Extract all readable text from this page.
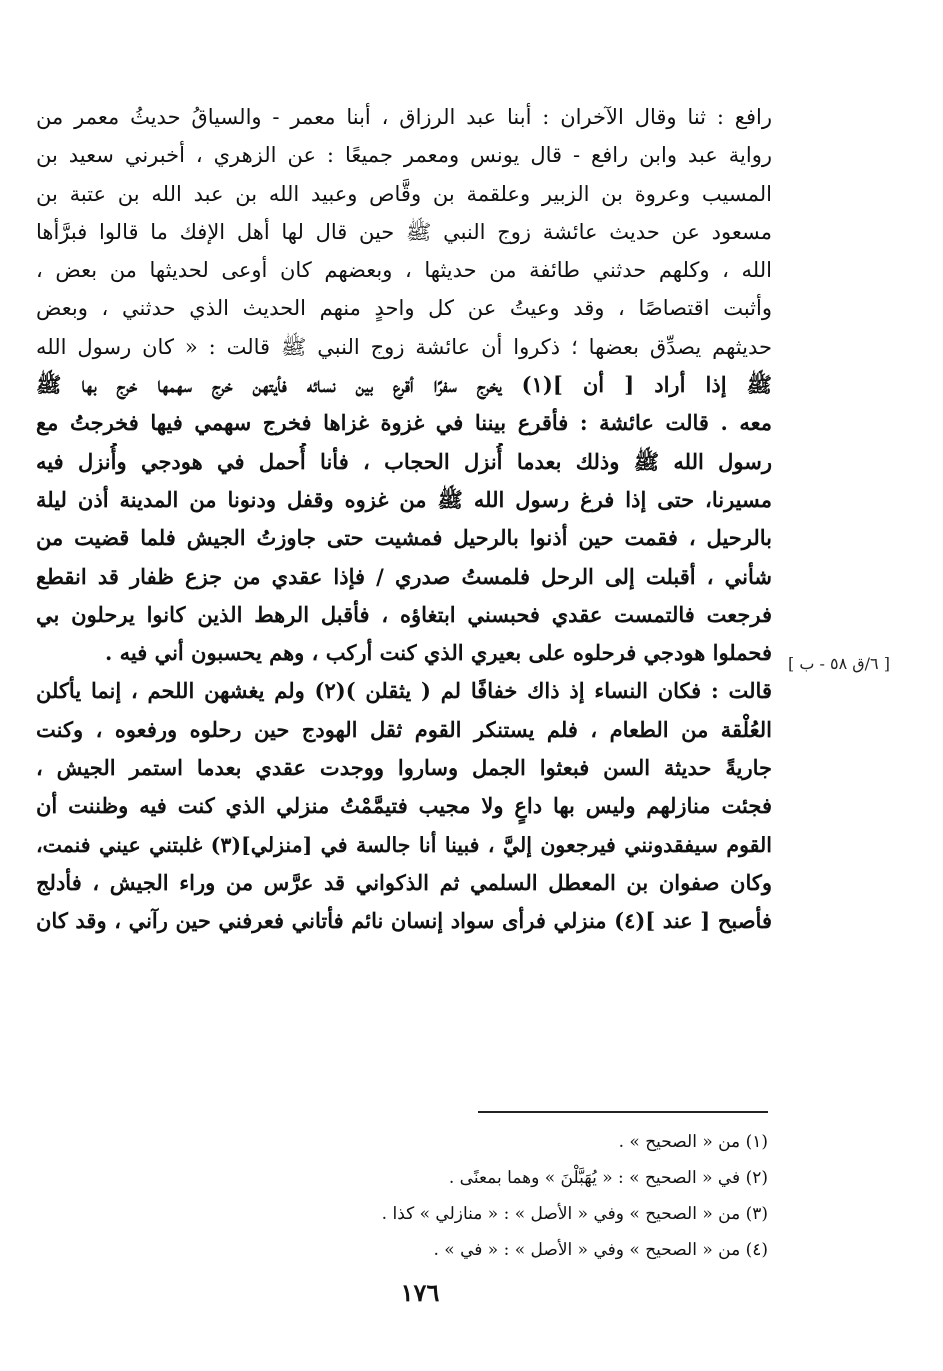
رافع : ثنا وقال الآخران : أبنا عبد الرزاق ، أبنا معمر - والسياقُ حديثُ معمر من
رواية عبد وابن رافع - قال يونس ومعمر جميعًا : عن الزهري ، أخبرني سعيد بن
المسيب وعروة بن الزبير وعلقمة بن وقَّاص وعبيد الله بن عبد الله بن عتبة بن
مسعود عن حديث عائشة زوج النبي ﷺ حين قال لها أهل الإفك ما قالوا فبرَّأها
الله ، وكلهم حدثني طائفة من حديثها ، وبعضهم كان أوعى لحديثها من بعض ،
وأثبت اقتصاصًا ، وقد وعيتُ عن كل واحدٍ منهم الحديث الذي حدثني ، وبعض
حديثهم يصدِّق بعضها ؛ ذكروا أن عائشة زوج النبي ﷺ قالت : « كان رسول الله
ﷺ إذا أراد [ أن ](١) يخرج سفرًا أقرع بين نسائه فأيتهن خرج سهمها خرج بها ﷺ
معه . قالت عائشة : فأقرع بيننا في غزوة غزاها فخرج سهمي فيها فخرجتُ مع
رسول الله ﷺ وذلك بعدما أُنزل الحجاب ، فأنا أُحمل في هودجي وأُنزل فيه
مسيرنا، حتى إذا فرغ رسول الله ﷺ من غزوه وقفل ودنونا من المدينة أذن ليلة
بالرحيل ، فقمت حين أذنوا بالرحيل فمشيت حتى جاوزتُ الجيش فلما قضيت من
شأني ، أقبلت إلى الرحل فلمستُ صدري / فإذا عقدي من جزع ظفار قد انقطع
فرجعت فالتمست عقدي فحبسني ابتغاؤه ، فأقبل الرهط الذين كانوا يرحلون بي
فحملوا هودجي فرحلوه على بعيري الذي كنت أركب ، وهم يحسبون أني فيه .
قالت : فكان النساء إذ ذاك خفافًا لم ( يثقلن )(٢) ولم يغشهن اللحم ، إنما يأكلن
العُلْقة من الطعام ، فلم يستنكر القوم ثقل الهودج حين رحلوه ورفعوه ، وكنت
جاريةً حديثة السن فبعثوا الجمل وساروا ووجدت عقدي بعدما استمر الجيش ،
فجئت منازلهم وليس بها داعٍ ولا مجيب فتيمَّمْتُ منزلي الذي كنت فيه وظننت أن
القوم سيفقدونني فيرجعون إليَّ ، فبينا أنا جالسة في [منزلي](٣) غلبتني عيني فنمت،
وكان صفوان بن المعطل السلمي ثم الذكواني قد عرَّس من وراء الجيش ، فأدلج
فأصبح [ عند ](٤) منزلي فرأى سواد إنسان نائم فأتاني فعرفني حين رآني ، وقد كان
[ ٦/ق ٥٨ - ب ]
(١) من « الصحيح » .
(٢) في « الصحيح » : « يُهَبَّلْنَ » وهما بمعنًى .
(٣) من « الصحيح » وفي « الأصل » : « منازلي » كذا .
(٤) من « الصحيح » وفي « الأصل » : « في » .
١٧٦
